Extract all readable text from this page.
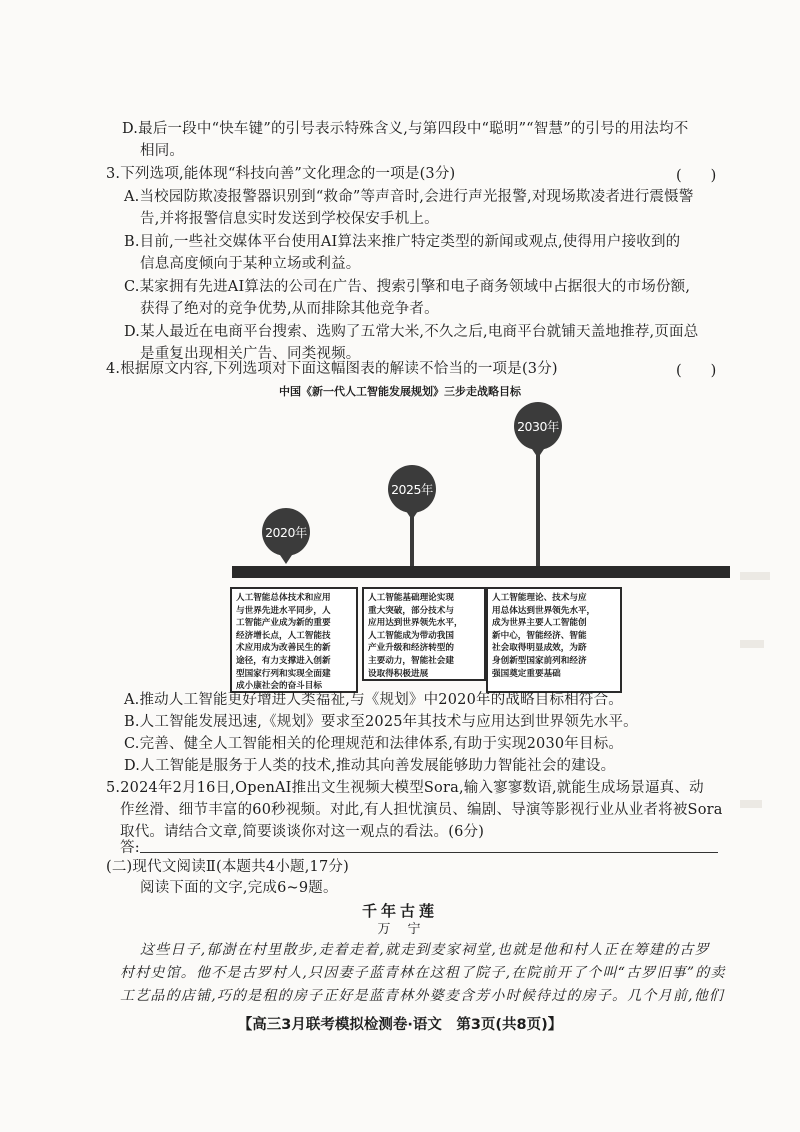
D.最后一段中“快车键”的引号表示特殊含义,与第四段中“聪明”“智慧”的引号的用法均不
相同。
3.下列选项,能体现“科技向善”文化理念的一项是(3分)	(　　)
A.当校园防欺凌报警器识别到“救命”等声音时,会进行声光报警,对现场欺凌者进行震慑警
告,并将报警信息实时发送到学校保安手机上。
B.目前,一些社交媒体平台使用AI算法来推广特定类型的新闻或观点,使得用户接收到的
信息高度倾向于某种立场或利益。
C.某家拥有先进AI算法的公司在广告、搜索引擎和电子商务领域中占据很大的市场份额,
获得了绝对的竞争优势,从而排除其他竞争者。
D.某人最近在电商平台搜索、选购了五常大米,不久之后,电商平台就铺天盖地推荐,页面总
是重复出现相关广告、同类视频。
4.根据原文内容,下列选项对下面这幅图表的解读不恰当的一项是(3分)	(　　)
中国《新一代人工智能发展规划》三步走战略目标
2030年
2025年
2020年
人工智能总体技术和应用
与世界先进水平同步，人
工智能产业成为新的重要
经济增长点，人工智能技
术应用成为改善民生的新
途径，有力支撑进入创新
型国家行列和实现全面建
成小康社会的奋斗目标
人工智能基础理论实现
重大突破，部分技术与
应用达到世界领先水平，
人工智能成为带动我国
产业升级和经济转型的
主要动力，智能社会建
设取得积极进展
人工智能理论、技术与应
用总体达到世界领先水平，
成为世界主要人工智能创
新中心，智能经济、智能
社会取得明显成效，为跻
身创新型国家前列和经济
强国奠定重要基础
A.推动人工智能更好增进人类福祉,与《规划》中2020年的战略目标相符合。
B.人工智能发展迅速,《规划》要求至2025年其技术与应用达到世界领先水平。
C.完善、健全人工智能相关的伦理规范和法律体系,有助于实现2030年目标。
D.人工智能是服务于人类的技术,推动其向善发展能够助力智能社会的建设。
5.2024年2月16日,OpenAI推出文生视频大模型Sora,输入寥寥数语,就能生成场景逼真、动
作丝滑、细节丰富的60秒视频。对此,有人担忧演员、编剧、导演等影视行业从业者将被Sora
取代。请结合文章,简要谈谈你对这一观点的看法。(6分)
答:
(二)现代文阅读Ⅱ(本题共4小题,17分)
阅读下面的文字,完成6~9题。
千年古莲
万　宁
这些日子,郁澍在村里散步,走着走着,就走到麦家祠堂,也就是他和村人正在筹建的古罗
村村史馆。他不是古罗村人,只因妻子蓝青林在这租了院子,在院前开了个叫“古罗旧事”的卖
工艺品的店铺,巧的是租的房子正好是蓝青林外婆麦含芳小时候待过的房子。几个月前,他们
【高三3月联考模拟检测卷·语文　第3页(共8页)】
